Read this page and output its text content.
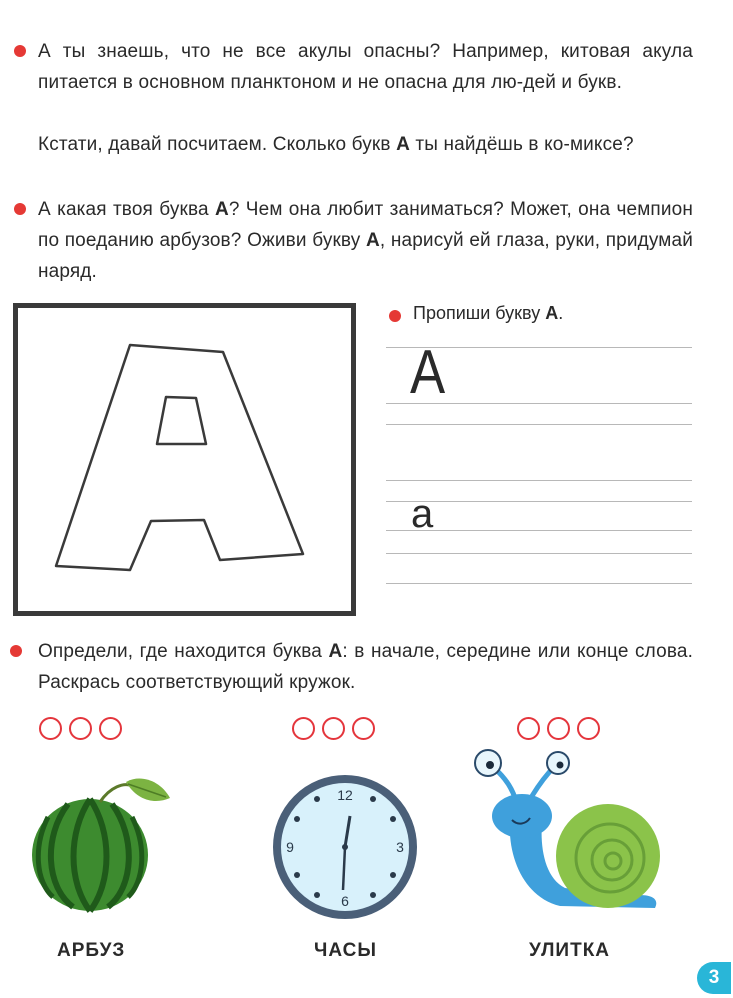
А ты знаешь, что не все акулы опасны? Например, китовая акула питается в основном планктоном и не опасна для лю-​дей и букв.
Кстати, давай посчитаем. Сколько букв А ты найдёшь в ко-​миксе?
А какая твоя буква А? Чем она любит заниматься? Может, она чемпион по поеданию арбузов? Оживи букву А, нарисуй ей глаза, руки, придумай наряд.
Пропиши букву А.
А
а
Определи, где находится буква А: в начале, середине или конце слова. Раскрась соответствующий кружок.
12
3
6
9
АРБУЗ	ЧАСЫ	УЛИТКА
3
